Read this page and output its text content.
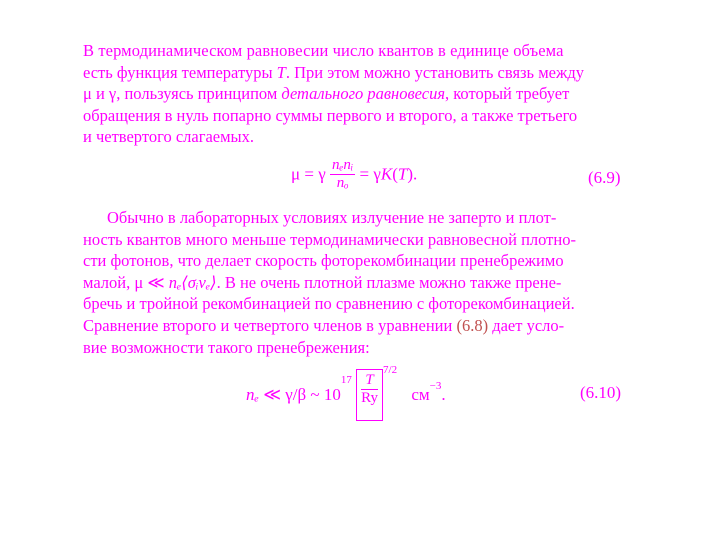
В термодинамическом равновесии число квантов в единице объема
есть функция температуры T. При этом можно установить связь между
μ и γ, пользуясь принципом детального равновесия, который требует
обращения в нуль попарно суммы первого и второго, а также третьего
и четвертого слагаемых.

μ = γ $\frac{\text{nₑnᵢ}}{\text{nₒ}} = \gamma K(T)$.	(6.9)

Обычно в лабораторных условиях излучение не заперто и плот-
ность квантов много меньше термодинамически равновесной плотно-
сти фотонов, что делает скорость фоторекомбинации пренебрежимо
малой, μ ≪ nₑ⟨σᵢvₑ⟩. В не очень плотной плазме можно также прене-
бречь и тройной рекомбинацией по сравнению с фоторекомбинацией.
Сравнение второго и четвертого членов в уравнении (6.8) дает усло-
вие возможности такого пренебрежения:

nₑ ≪ γ/β ~ $10^{17} \frac{T}{Ry}$
$^{7/2}$ $см^{-3}$.	(6.10)
